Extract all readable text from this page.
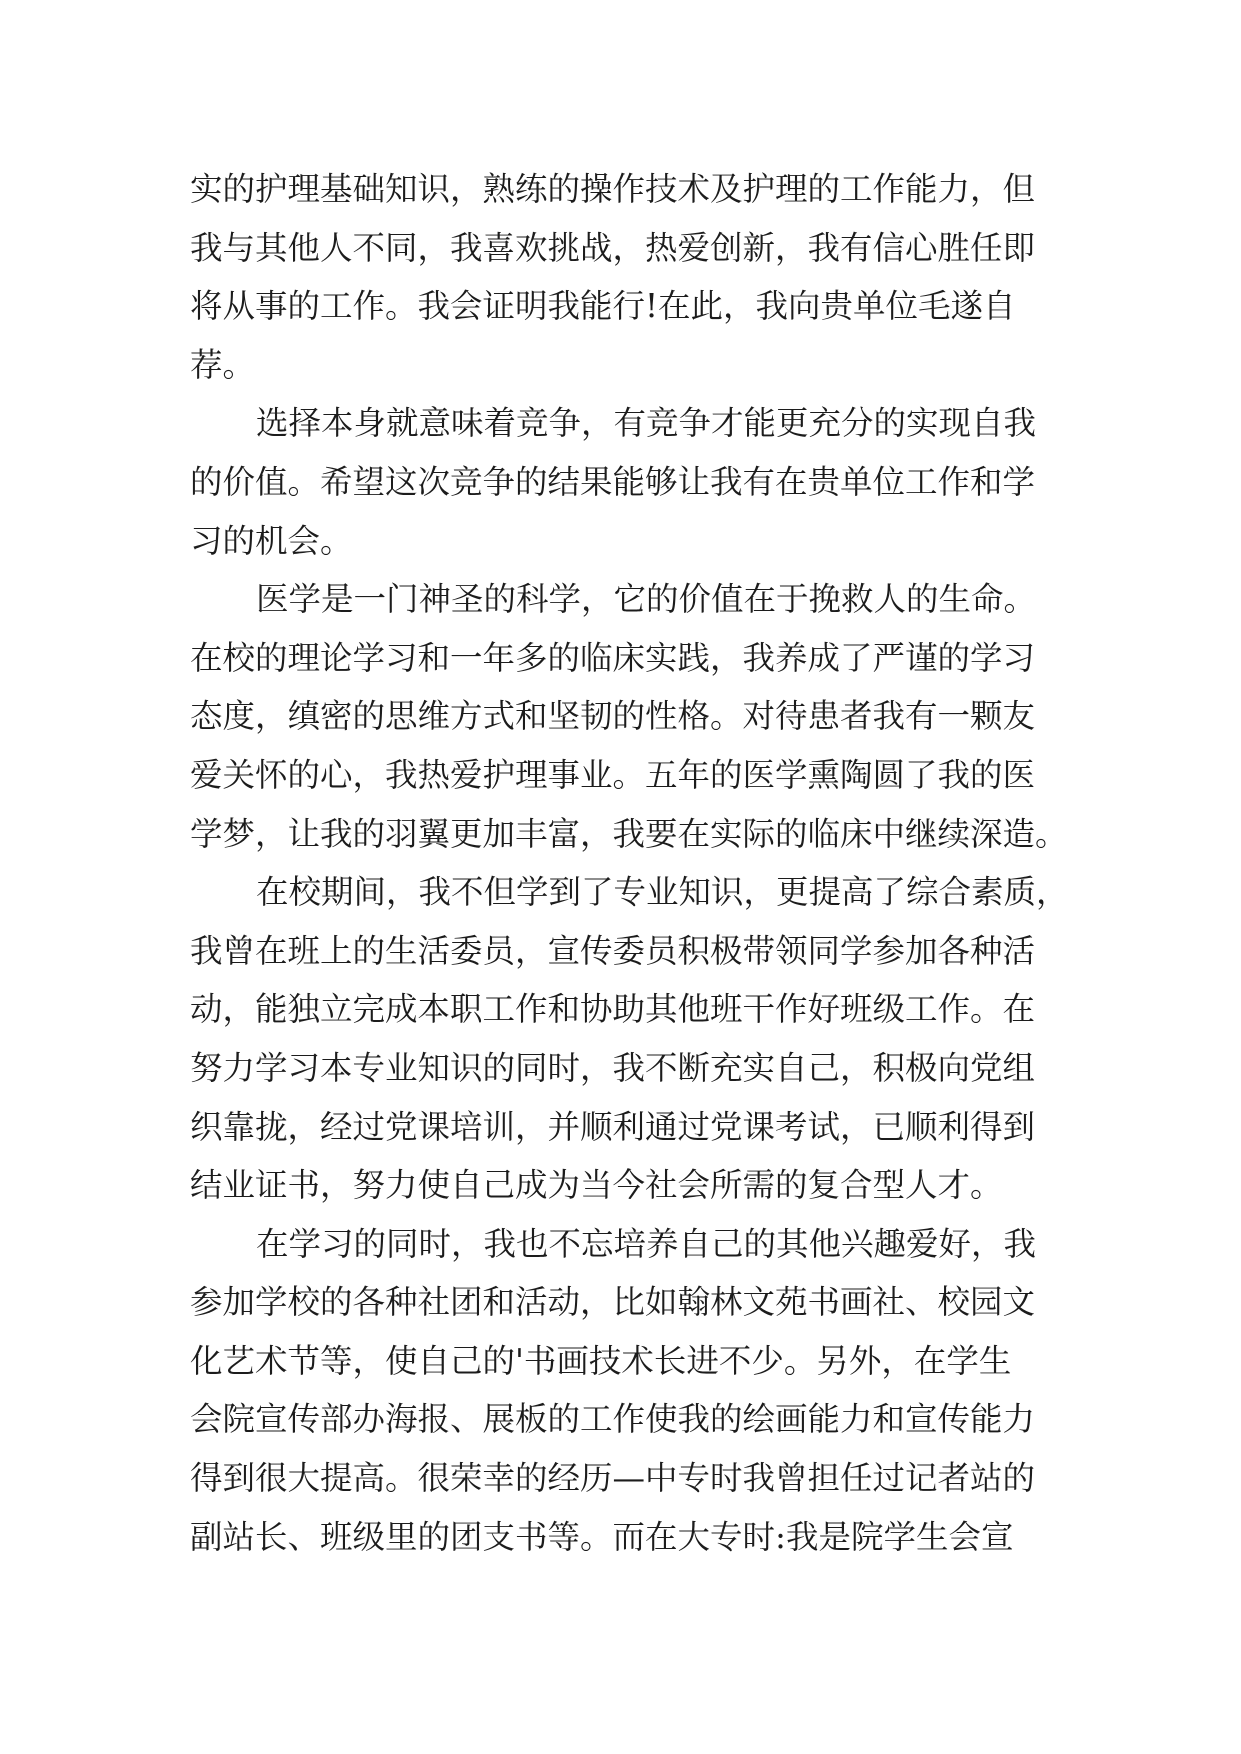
实的护理基础知识，熟练的操作技术及护理的工作能力，但
我与其他人不同，我喜欢挑战，热爱创新，我有信心胜任即
将从事的工作。我会证明我能行!在此，我向贵单位毛遂自
荐。
选择本身就意味着竞争，有竞争才能更充分的实现自我
的价值。希望这次竞争的结果能够让我有在贵单位工作和学
习的机会。
医学是一门神圣的科学，它的价值在于挽救人的生命。
在校的理论学习和一年多的临床实践，我养成了严谨的学习
态度，缜密的思维方式和坚韧的性格。对待患者我有一颗友
爱关怀的心，我热爱护理事业。五年的医学熏陶圆了我的医
学梦，让我的羽翼更加丰富，我要在实际的临床中继续深造。
在校期间，我不但学到了专业知识，更提高了综合素质，
我曾在班上的生活委员，宣传委员积极带领同学参加各种活
动，能独立完成本职工作和协助其他班干作好班级工作。在
努力学习本专业知识的同时，我不断充实自己，积极向党组
织靠拢，经过党课培训，并顺利通过党课考试，已顺利得到
结业证书，努力使自己成为当今社会所需的复合型人才。
在学习的同时，我也不忘培养自己的其他兴趣爱好，我
参加学校的各种社团和活动，比如翰林文苑书画社、校园文
化艺术节等，使自己的'书画技术长进不少。另外，在学生
会院宣传部办海报、展板的工作使我的绘画能力和宣传能力
得到很大提高。很荣幸的经历—中专时我曾担任过记者站的
副站长、班级里的团支书等。而在大专时:我是院学生会宣
